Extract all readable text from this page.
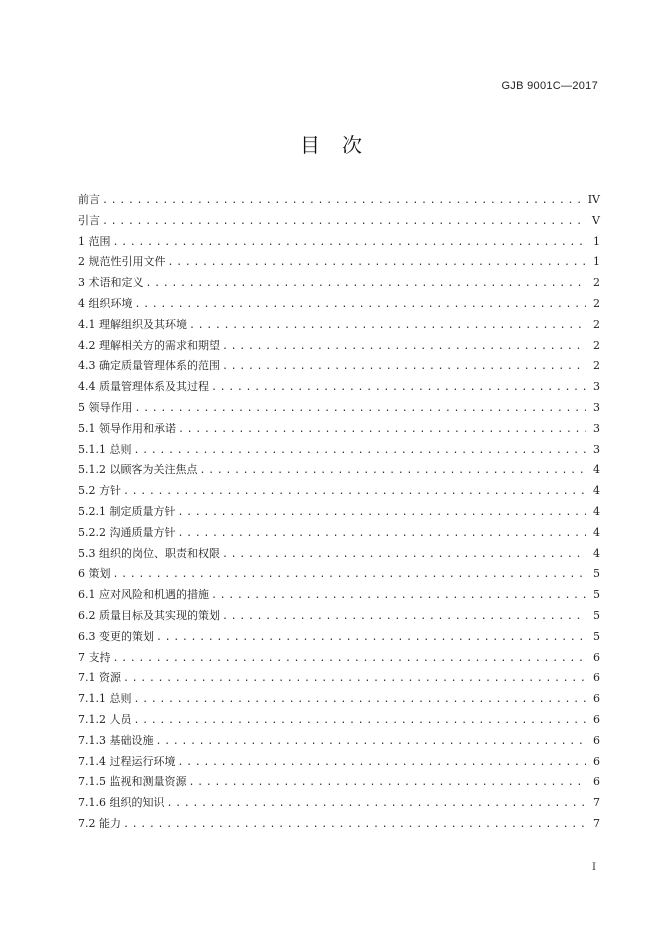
GJB 9001C—2017
目次
前言 .....	IV
引言 .....	V
1 范围 .....	1
2 规范性引用文件 .....	1
3 术语和定义 .....	2
4 组织环境 .....	2
4.1 理解组织及其环境 .....	2
4.2 理解相关方的需求和期望 .....	2
4.3 确定质量管理体系的范围 .....	2
4.4 质量管理体系及其过程 .....	3
5 领导作用 .....	3
5.1 领导作用和承诺 .....	3
5.1.1 总则 .....	3
5.1.2 以顾客为关注焦点 .....	4
5.2 方针 .....	4
5.2.1 制定质量方针 .....	4
5.2.2 沟通质量方针 .....	4
5.3 组织的岗位、职责和权限 .....	4
6 策划 .....	5
6.1 应对风险和机遇的措施 .....	5
6.2 质量目标及其实现的策划 .....	5
6.3 变更的策划 .....	5
7 支持 .....	6
7.1 资源 .....	6
7.1.1 总则 .....	6
7.1.2 人员 .....	6
7.1.3 基础设施 .....	6
7.1.4 过程运行环境 .....	6
7.1.5 监视和测量资源 .....	6
7.1.6 组织的知识 .....	7
7.2 能力 .....	7
I
